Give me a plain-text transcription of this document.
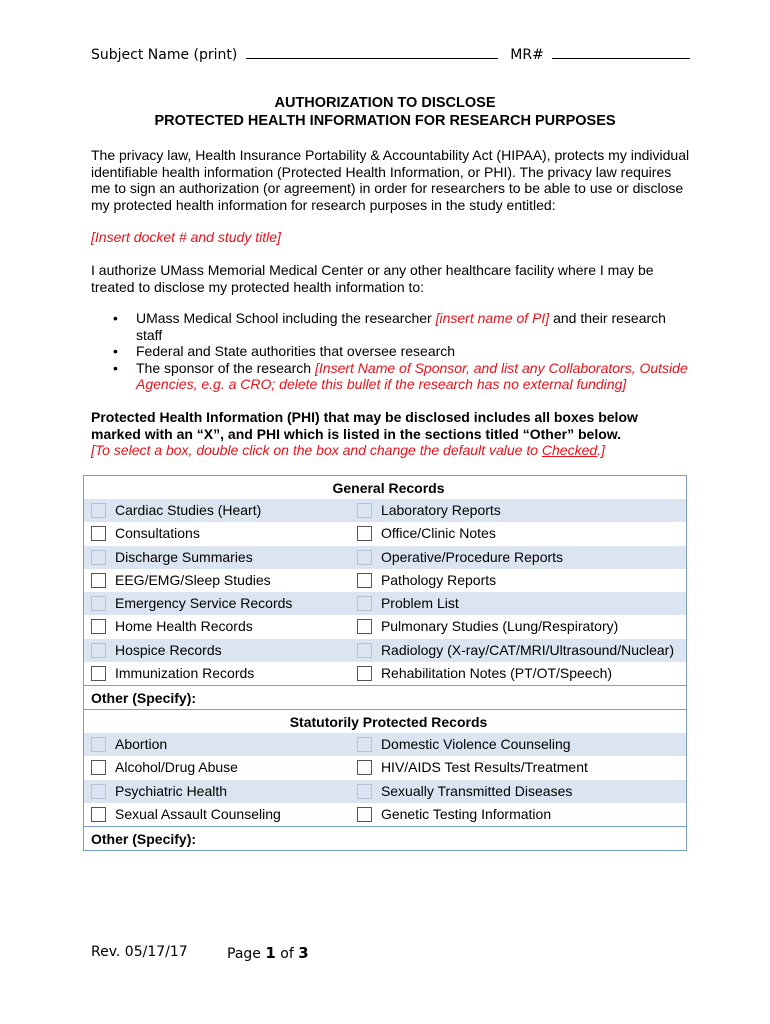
Subject Name (print)	MR#
AUTHORIZATION TO DISCLOSE
PROTECTED HEALTH INFORMATION FOR RESEARCH PURPOSES
The privacy law, Health Insurance Portability & Accountability Act (HIPAA), protects my individual identifiable health information (Protected Health Information, or PHI). The privacy law requires me to sign an authorization (or agreement) in order for researchers to be able to use or disclose my protected health information for research purposes in the study entitled:
[Insert docket # and study title]
I authorize UMass Memorial Medical Center or any other healthcare facility where I may be treated to disclose my protected health information to:
• UMass Medical School including the researcher [insert name of PI] and their research staff
• Federal and State authorities that oversee research
• The sponsor of the research [Insert Name of Sponsor, and list any Collaborators, Outside Agencies, e.g. a CRO; delete this bullet if the research has no external funding]
Protected Health Information (PHI) that may be disclosed includes all boxes below marked with an “X”, and PHI which is listed in the sections titled “Other” below.
[To select a box, double click on the box and change the default value to Checked.]
General Records	
Cardiac Studies (Heart)	Laboratory Reports
Consultations	Office/Clinic Notes
Discharge Summaries	Operative/Procedure Reports
EEG/EMG/Sleep Studies	Pathology Reports
Emergency Service Records	Problem List
Home Health Records	Pulmonary Studies (Lung/Respiratory)
Hospice Records	Radiology (X-ray/CAT/MRI/Ultrasound/Nuclear)
Immunization Records	Rehabilitation Notes (PT/OT/Speech)
Other (Specify):	
Statutorily Protected Records	
Abortion	Domestic Violence Counseling
Alcohol/Drug Abuse	HIV/AIDS Test Results/Treatment
Psychiatric Health	Sexually Transmitted Diseases
Sexual Assault Counseling	Genetic Testing Information
Other (Specify):	
Rev. 05/17/17	Page 1 of 3
